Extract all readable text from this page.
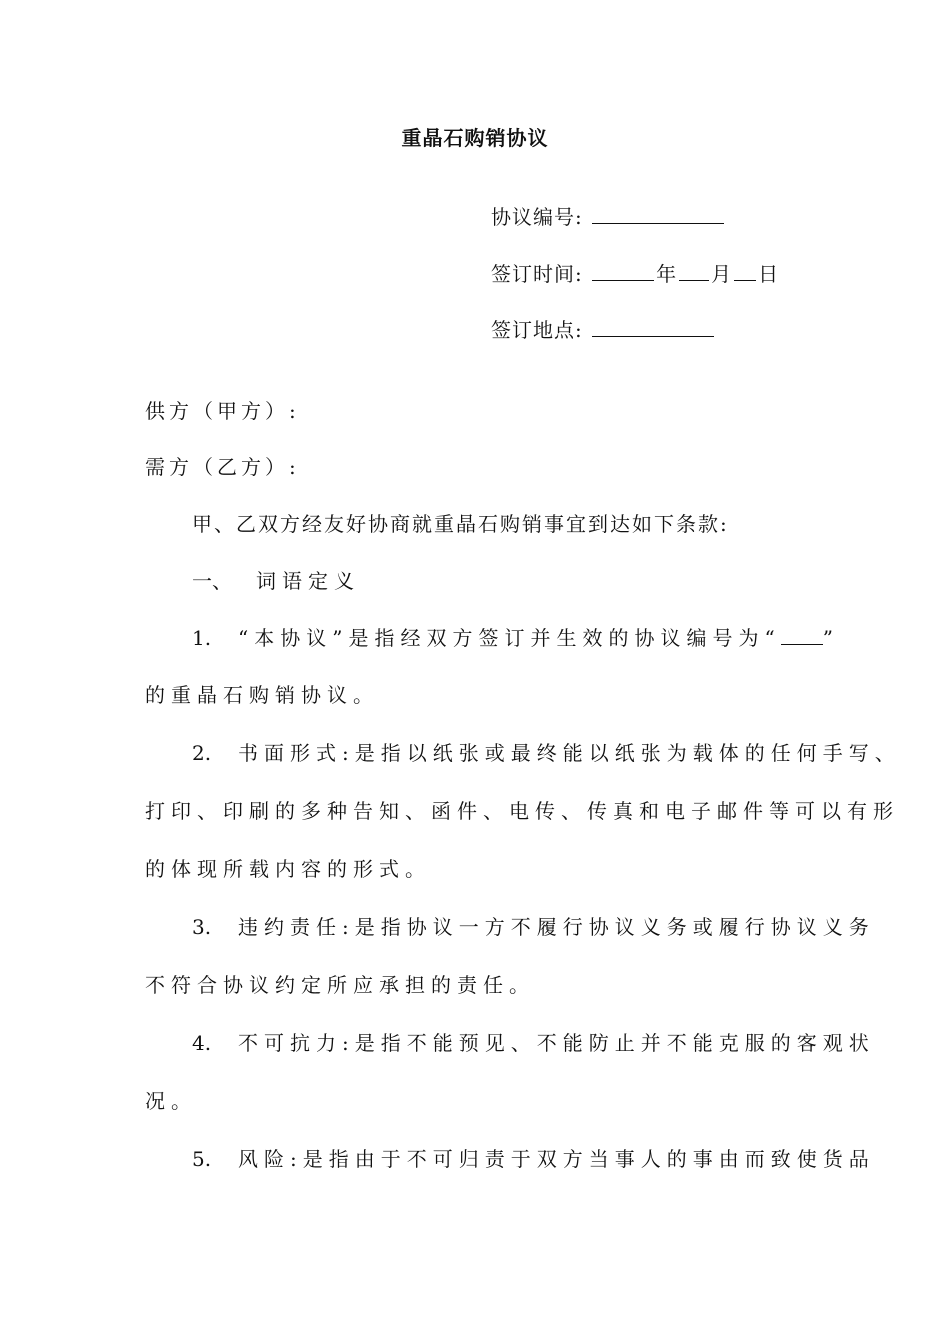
重晶石购销协议
协议编号:
签订时间:	年 月 日
签订地点:
供方（甲方）:
需方（乙方）:
甲、乙双方经友好协商就重晶石购销事宜到达如下条款:
一、 词语定义
1. “本协议”是指经双方签订并生效的协议编号为“ ”
的重晶石购销协议。
2. 书面形式:是指以纸张或最终能以纸张为载体的任何手写、
打印、印刷的多种告知、函件、电传、传真和电子邮件等可以有形
的体现所载内容的形式。
3. 违约责任:是指协议一方不履行协议义务或履行协议义务
不符合协议约定所应承担的责任。
4. 不可抗力:是指不能预见、不能防止并不能克服的客观状
况。
5. 风险:是指由于不可归责于双方当事人的事由而致使货品
